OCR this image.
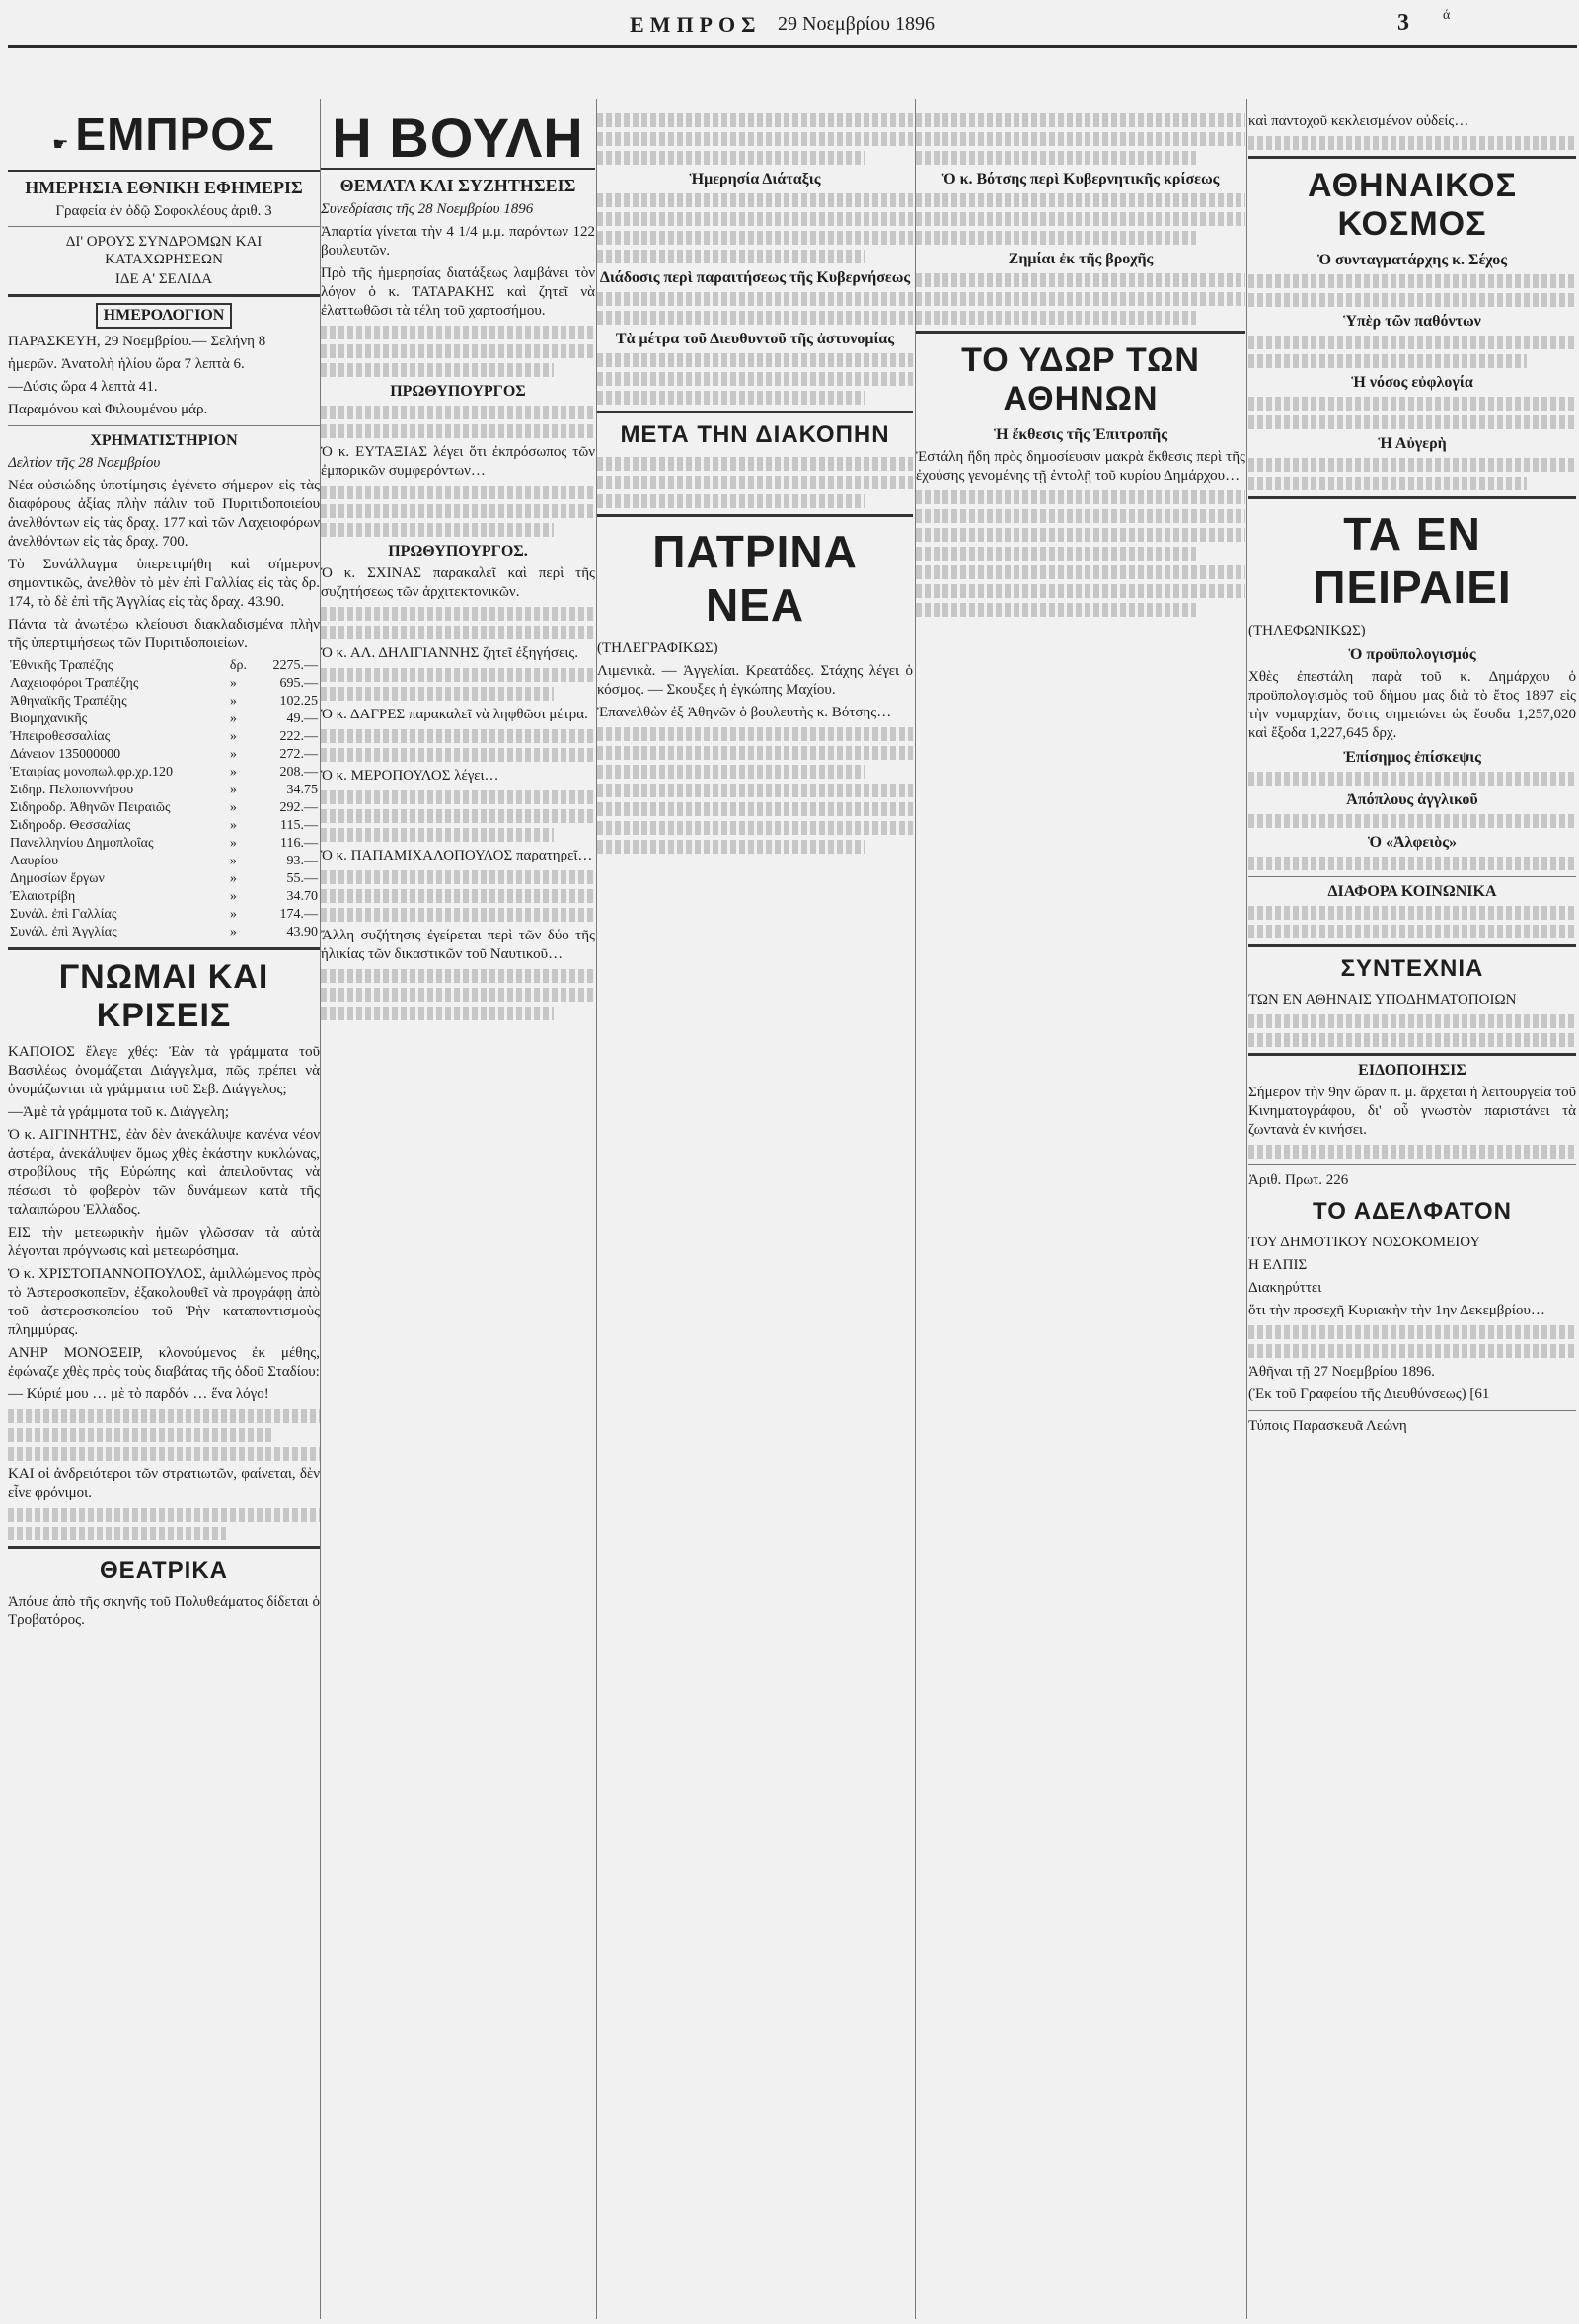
ά
ΕΜΠΡΟΣ 29 Νοεμβρίου 1896	3
☛ ΕΜΠΡΟΣ
ΗΜΕΡΗΣΙΑ ΕΘΝΙΚΗ ΕΦΗΜΕΡΙΣ
Γραφεία ἐν ὁδῷ Σοφοκλέους ἀριθ. 3
ΔΙ' ΟΡΟΥΣ ΣΥΝΔΡΟΜΩΝ ΚΑΙ ΚΑΤΑΧΩΡΗΣΕΩΝ
ΙΔΕ Α' ΣΕΛΙΔΑ
ΗΜΕΡΟΛΟΓΙΟΝ
ΠΑΡΑΣΚΕΥΗ, 29 Νοεμβρίου.— Σελήνη 8
ἡμερῶν. Ἀνατολὴ ἡλίου ὥρα 7 λεπτὰ 6.
—Δύσις ὥρα 4 λεπτὰ 41.
Παραμόνου καὶ Φιλουμένου μάρ.
ΧΡΗΜΑΤΙΣΤΗΡΙΟΝ
Δελτίον τῆς 28 Νοεμβρίου
Νέα οὐσιώδης ὑποτίμησις ἐγένετο σήμερον εἰς τὰς διαφόρους ἀξίας πλὴν πάλιν τοῦ Πυριτιδοποιείου ἀνελθόντων εἰς τὰς δραχ. 177 καὶ τῶν Λαχειοφόρων ἀνελθόντων εἰς τὰς δραχ. 700.
Τὸ Συνάλλαγμα ὑπερετιμήθη καὶ σήμερον σημαντικῶς, ἀνελθὸν τὸ μὲν ἐπὶ Γαλλίας εἰς τὰς δρ. 174, τὸ δὲ ἐπὶ τῆς Ἀγγλίας εἰς τὰς δραχ. 43.90.
Πάντα τὰ ἀνωτέρω κλείουσι διακλαδισμένα πλὴν τῆς ὑπερτιμήσεως τῶν Πυριτιδοποιείων.
Ἐθνικῆς Τραπέζης	δρ.	2275.—
Λαχειοφόροι Τραπέζης	»	695.—
Ἀθηναϊκῆς Τραπέζης	»	102.25
Βιομηχανικῆς	»	49.—
Ἠπειροθεσσαλίας	»	222.—
Δάνειον 135000000	»	272.—
Ἑταιρίας μονοπωλ.φρ.χρ.120	»	208.—
Σιδηρ. Πελοποννήσου	»	34.75
Σιδηροδρ. Ἀθηνῶν Πειραιῶς	»	292.—
Σιδηροδρ. Θεσσαλίας	»	115.—
Πανελληνίου Δημοπλοΐας	»	116.—
Λαυρίου	»	93.—
Δημοσίων ἔργων	»	55.—
Ἐλαιοτρίβη	»	34.70
Συνάλ. ἐπὶ Γαλλίας	»	174.—
Συνάλ. ἐπὶ Ἀγγλίας	»	43.90
ΓΝΩΜΑΙ ΚΑΙ ΚΡΙΣΕΙΣ
ΚΑΠΟΙΟΣ ἔλεγε χθές: Ἐὰν τὰ γράμματα τοῦ Βασιλέως ὀνομάζεται Διάγγελμα, πῶς πρέπει νὰ ὀνομάζωνται τὰ γράμματα τοῦ Σεβ. Διάγγελος;
—Ἀμὲ τὰ γράμματα τοῦ κ. Διάγγελη;
Ὁ κ. ΑΙΓΙΝΗΤΗΣ, ἐὰν δὲν ἀνεκάλυψε κανένα νέον ἀστέρα, ἀνεκάλυψεν ὅμως χθὲς ἑκάστην κυκλώνας, στροβίλους τῆς Εὐρώπης καὶ ἀπειλοῦντας νὰ πέσωσι τὸ φοβερὸν τῶν δυνάμεων κατὰ τῆς ταλαιπώρου Ἑλλάδος.
ΕΙΣ τὴν μετεωρικὴν ἡμῶν γλῶσσαν τὰ αὐτὰ λέγονται πρόγνωσις καὶ μετεωρόσημα.
Ὁ κ. ΧΡΙΣΤΟΠΑΝΝΟΠΟΥΛΟΣ, ἁμιλλώμενος πρὸς τὸ Ἀστεροσκοπεῖον, ἐξακολουθεῖ νὰ προγράφῃ ἀπὸ τοῦ ἀστεροσκοπείου τοῦ Ῥὴν καταποντισμοὺς πλημμύρας.
ΑΝΗΡ ΜΟΝΟΞΕΙΡ, κλονούμενος ἐκ μέθης, ἐφώναζε χθὲς πρὸς τοὺς διαβάτας τῆς ὁδοῦ Σταδίου:
— Κύριέ μου … μὲ τὸ παρδόν … ἕνα λόγο!
ΚΑΙ οἱ ἀνδρειότεροι τῶν στρατιωτῶν, φαίνεται, δὲν εἶνε φρόνιμοι.
ΘΕΑΤΡΙΚΑ
Ἀπόψε ἀπὸ τῆς σκηνῆς τοῦ Πολυθεάματος δίδεται ὁ Τροβατόρος.
Η ΒΟΥΛΗ
ΘΕΜΑΤΑ ΚΑΙ ΣΥΖΗΤΗΣΕΙΣ
Συνεδρίασις τῆς 28 Νοεμβρίου 1896
Ἀπαρτία γίνεται τὴν 4 1/4 μ.μ. παρόντων 122 βουλευτῶν.
Πρὸ τῆς ἡμερησίας διατάξεως λαμβάνει τὸν λόγον ὁ κ. ΤΑΤΑΡΑΚΗΣ καὶ ζητεῖ νὰ ἐλαττωθῶσι τὰ τέλη τοῦ χαρτοσήμου.
ΠΡΩΘΥΠΟΥΡΓΟΣ
Ὁ κ. ΕΥΤΑΞΙΑΣ λέγει ὅτι ἐκπρόσωπος τῶν ἐμπορικῶν συμφερόντων…
ΠΡΩΘΥΠΟΥΡΓΟΣ.
Ὁ κ. ΣΧΙΝΑΣ παρακαλεῖ καὶ περὶ τῆς συζητήσεως τῶν ἀρχιτεκτονικῶν.
Ὁ κ. ΑΛ. ΔΗΛΙΓΙΑΝΝΗΣ ζητεῖ ἐξηγήσεις.
Ὁ κ. ΔΑΓΡΕΣ παρακαλεῖ νὰ ληφθῶσι μέτρα.
Ὁ κ. ΜΕΡΟΠΟΥΛΟΣ λέγει…
Ὁ κ. ΠΑΠΑΜΙΧΑΛΟΠΟΥΛΟΣ παρατηρεῖ…
Ἄλλη συζήτησις ἐγείρεται περὶ τῶν δύο τῆς ἡλικίας τῶν δικαστικῶν τοῦ Ναυτικοῦ…
Ἡμερησία Διάταξις
Διάδοσις περὶ παραιτήσεως τῆς Κυβερνήσεως
Τὰ μέτρα τοῦ Διευθυντοῦ τῆς ἀστυνομίας
ΜΕΤΑ ΤΗΝ ΔΙΑΚΟΠΗΝ
ΠΑΤΡΙΝΑ ΝΕΑ
(ΤΗΛΕΓΡΑΦΙΚΩΣ)
Λιμενικὰ. — Ἀγγελίαι. Κρεατάδες. Στάχης λέγει ὁ κόσμος. — Σκουξες ἡ ἐγκώπης Μαχίου.
Ἐπανελθὼν ἐξ Ἀθηνῶν ὁ βουλευτὴς κ. Βότσης…
Ὁ κ. Βότσης περὶ Κυβερνητικῆς κρίσεως
Ζημίαι ἐκ τῆς βροχῆς
ΤΟ ΥΔΩΡ ΤΩΝ ΑΘΗΝΩΝ
Ἡ ἔκθεσις τῆς Ἐπιτροπῆς
Ἐστάλη ἤδη πρὸς δημοσίευσιν μακρὰ ἔκθεσις περὶ τῆς ἐχούσης γενομένης τῇ ἐντολῇ τοῦ κυρίου Δημάρχου…
καὶ παντοχοῦ κεκλεισμένον οὐδείς…
ΑΘΗΝΑΙΚΟΣ ΚΟΣΜΟΣ
Ὁ συνταγματάρχης κ. Σέχος
Ὑπὲρ τῶν παθόντων
Ἡ νόσος εὐφλογία
Ἡ Αὐγερὴ
ΤΑ ΕΝ ΠΕΙΡΑΙΕΙ
(ΤΗΛΕΦΩΝΙΚΩΣ)
Ὁ προϋπολογισμός
Χθὲς ἐπεστάλη παρὰ τοῦ κ. Δημάρχου ὁ προϋπολογισμὸς τοῦ δήμου μας διὰ τὸ ἔτος 1897 εἰς τὴν νομαρχίαν, ὅστις σημειώνει ὡς ἔσοδα 1,257,020 καὶ ἔξοδα 1,227,645 δρχ.
Ἐπίσημος ἐπίσκεψις
Ἀπόπλους ἀγγλικοῦ
Ὁ «Ἀλφειὸς»
ΔΙΑΦΟΡΑ ΚΟΙΝΩΝΙΚΑ
ΣΥΝΤΕΧΝΙΑ
ΤΩΝ ΕΝ ΑΘΗΝΑΙΣ ΥΠΟΔΗΜΑΤΟΠΟΙΩΝ
ΕΙΔΟΠΟΙΗΣΙΣ
Σήμερον τὴν 9ην ὥραν π. μ. ἄρχεται ἡ λειτουργεία τοῦ Κινηματογράφου, δι' οὗ γνωστὸν παριστάνει τὰ ζωντανὰ ἐν κινήσει.
Ἀριθ. Πρωτ. 226
ΤΟ ΑΔΕΛΦΑΤΟΝ
ΤΟΥ ΔΗΜΟΤΙΚΟΥ ΝΟΣΟΚΟΜΕΙΟΥ
Η ΕΛΠΙΣ
Διακηρύττει
ὅτι τὴν προσεχῆ Κυριακὴν τὴν 1ην Δεκεμβρίου…
Ἀθῆναι τῇ 27 Νοεμβρίου 1896.
(Ἐκ τοῦ Γραφείου τῆς Διευθύνσεως) [61
Τύποις Παρασκευᾶ Λεώνη
